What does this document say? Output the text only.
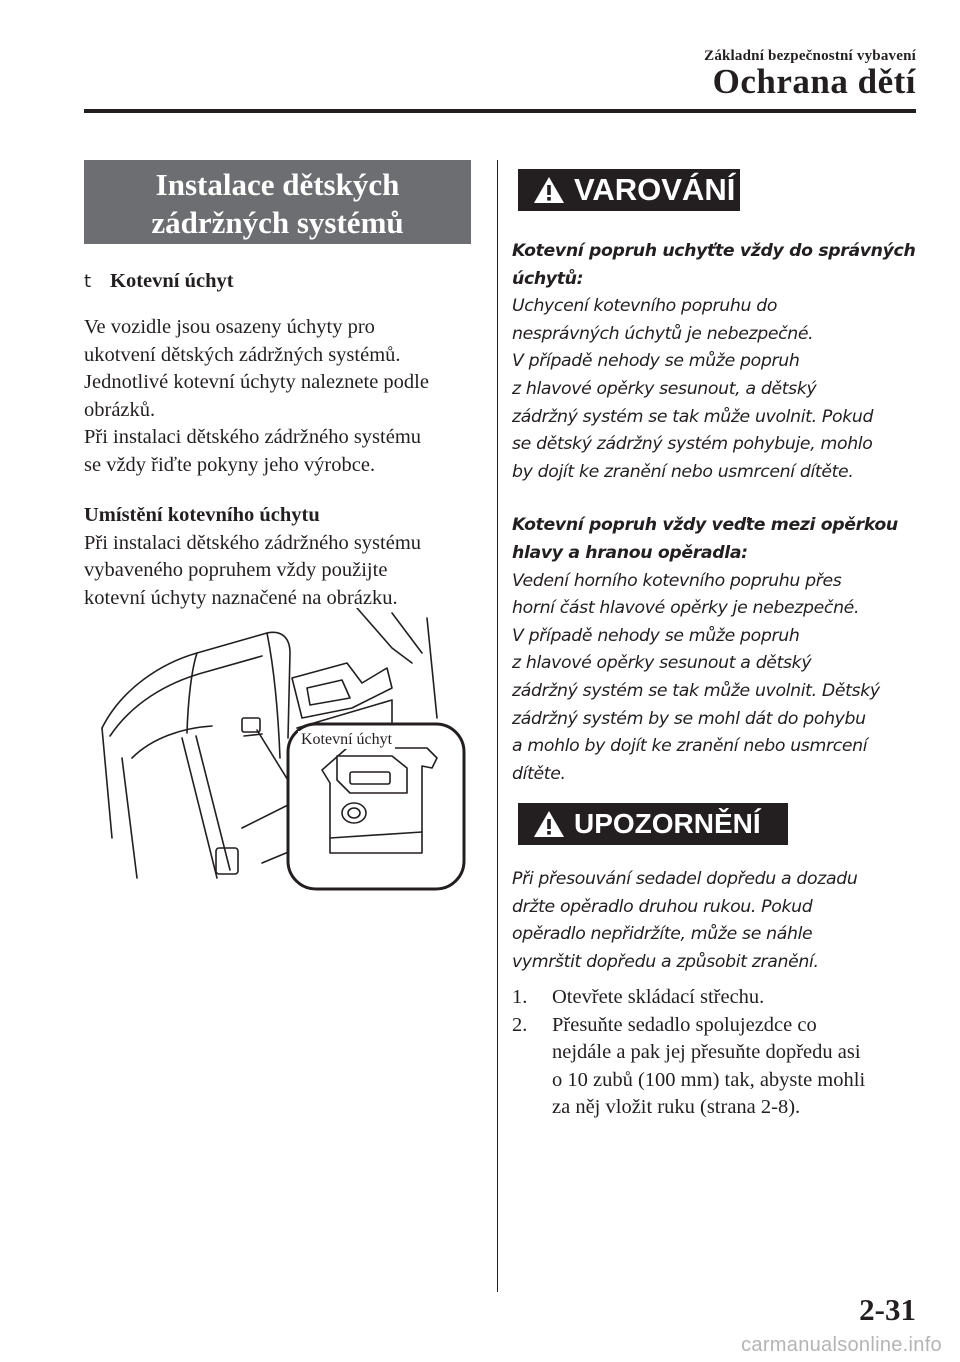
Základní bezpečnostní vybavení
Ochrana dětí
Instalace dětských
zádržných systémů
t Kotevní úchyt
Ve vozidle jsou osazeny úchyty pro
ukotvení dětských zádržných systémů.
Jednotlivé kotevní úchyty naleznete podle
obrázků.
Při instalaci dětského zádržného systému
se vždy řiďte pokyny jeho výrobce.
Umístění kotevního úchytu
Při instalaci dětského zádržného systému
vybaveného popruhem vždy použijte
kotevní úchyty naznačené na obrázku.
Kotevní úchyt
VAROVÁNÍ

Kotevní popruh uchyťte vždy do správných
úchytů:

Uchycení kotevního popruhu do
nesprávných úchytů je nebezpečné.
V případě nehody se může popruh
z hlavové opěrky sesunout, a dětský
zádržný systém se tak může uvolnit. Pokud
se dětský zádržný systém pohybuje, mohlo
by dojít ke zranění nebo usmrcení dítěte.

Kotevní popruh vždy veďte mezi opěrkou
hlavy a hranou opěradla:

Vedení horního kotevního popruhu přes
horní část hlavové opěrky je nebezpečné.
V případě nehody se může popruh
z hlavové opěrky sesunout a dětský
zádržný systém se tak může uvolnit. Dětský
zádržný systém by se mohl dát do pohybu
a mohlo by dojít ke zranění nebo usmrcení
dítěte.

UPOZORNĚNÍ

Při přesouvání sedadel dopředu a dozadu
držte opěradlo druhou rukou. Pokud
opěradlo nepřidržíte, může se náhle
vymrštit dopředu a způsobit zranění.

1.	Otevřete skládací střechu.
2.	Přesuňte sedadlo spolujezdce co
nejdále a pak jej přesuňte dopředu asi
o 10 zubů (100 mm) tak, abyste mohli
za něj vložit ruku (strana 2-8).
2-31
carmanualsonline.info
